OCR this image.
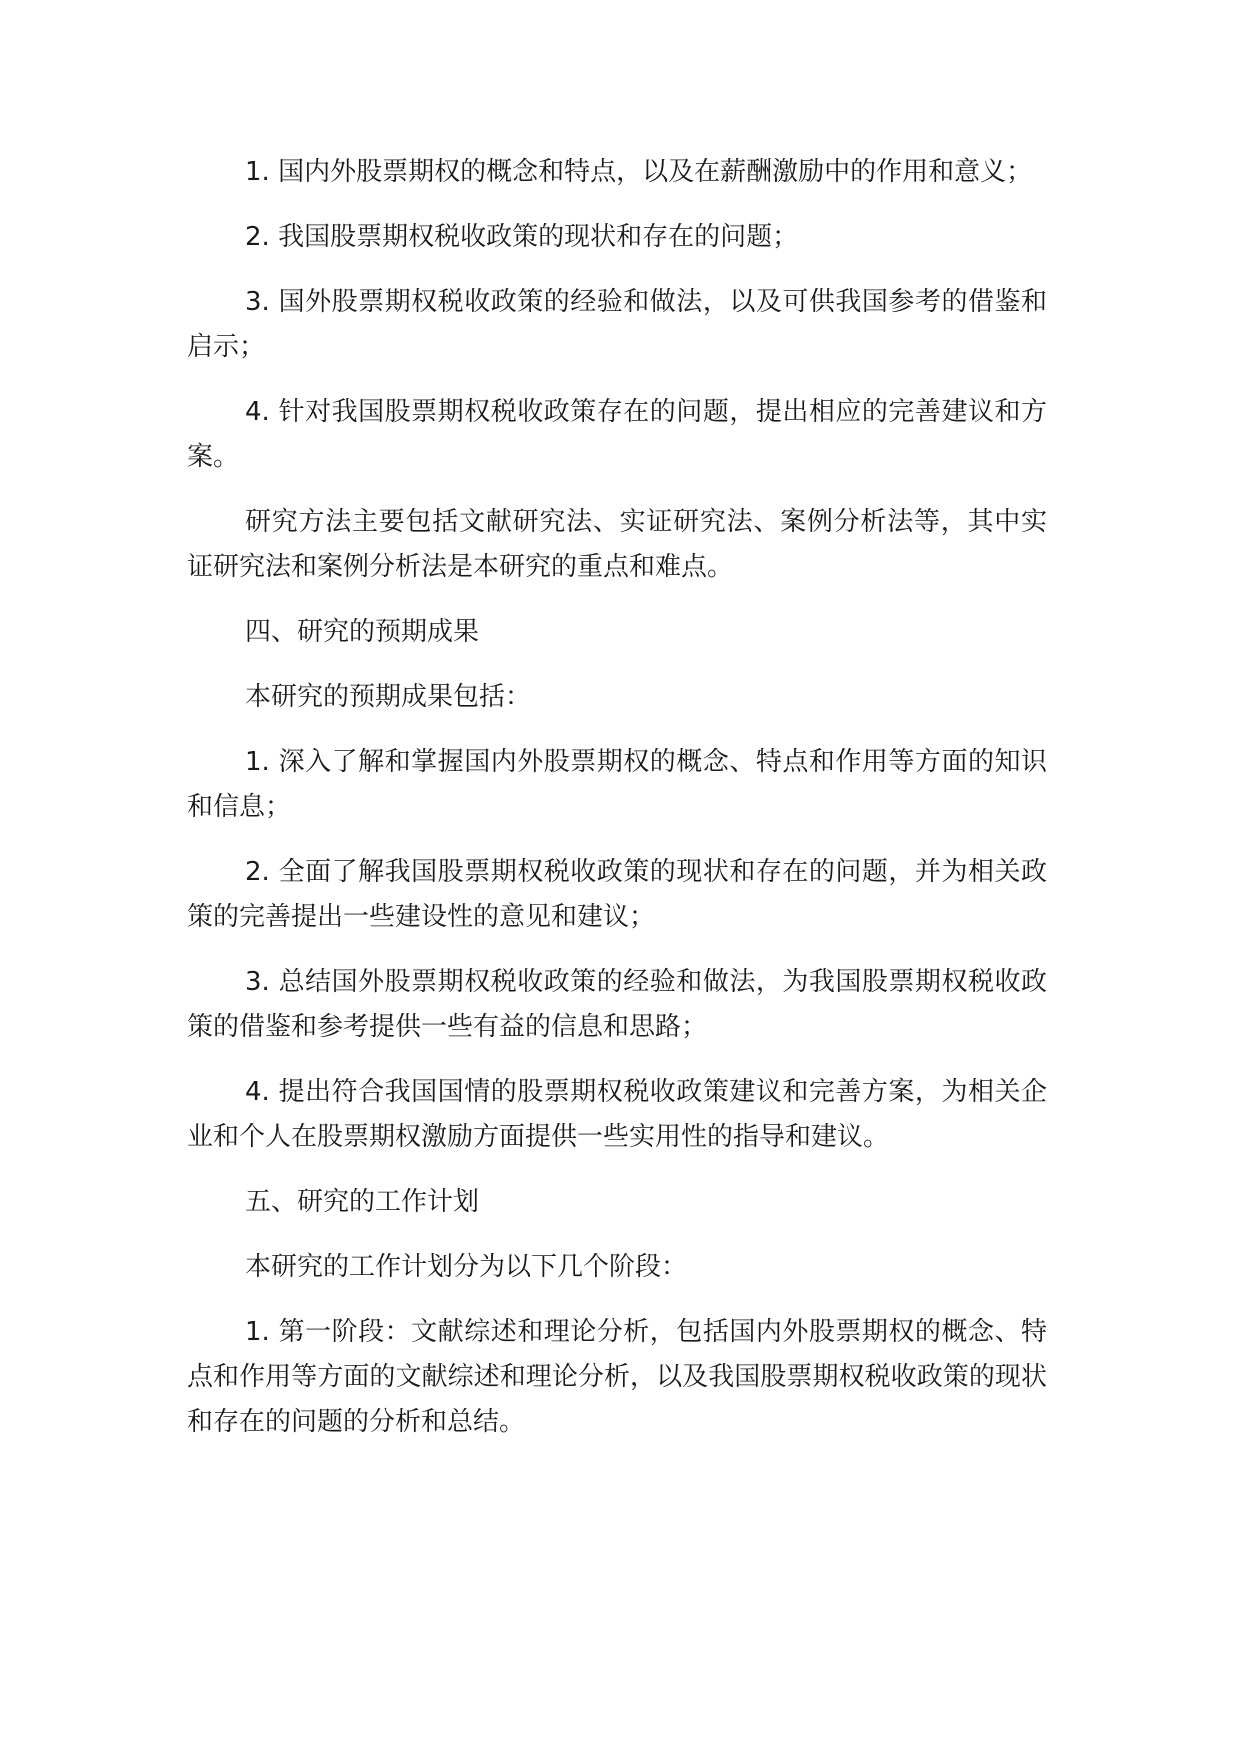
1. 国内外股票期权的概念和特点，以及在薪酬激励中的作用和意义；

2. 我国股票期权税收政策的现状和存在的问题；

3. 国外股票期权税收政策的经验和做法，以及可供我国参考的借鉴和启示；

4. 针对我国股票期权税收政策存在的问题，提出相应的完善建议和方案。

研究方法主要包括文献研究法、实证研究法、案例分析法等，其中实证研究法和案例分析法是本研究的重点和难点。

四、研究的预期成果

本研究的预期成果包括：

1. 深入了解和掌握国内外股票期权的概念、特点和作用等方面的知识和信息；

2. 全面了解我国股票期权税收政策的现状和存在的问题，并为相关政策的完善提出一些建设性的意见和建议；

3. 总结国外股票期权税收政策的经验和做法，为我国股票期权税收政策的借鉴和参考提供一些有益的信息和思路；

4. 提出符合我国国情的股票期权税收政策建议和完善方案，为相关企业和个人在股票期权激励方面提供一些实用性的指导和建议。

五、研究的工作计划

本研究的工作计划分为以下几个阶段：

1. 第一阶段：文献综述和理论分析，包括国内外股票期权的概念、特点和作用等方面的文献综述和理论分析，以及我国股票期权税收政策的现状和存在的问题的分析和总结。
